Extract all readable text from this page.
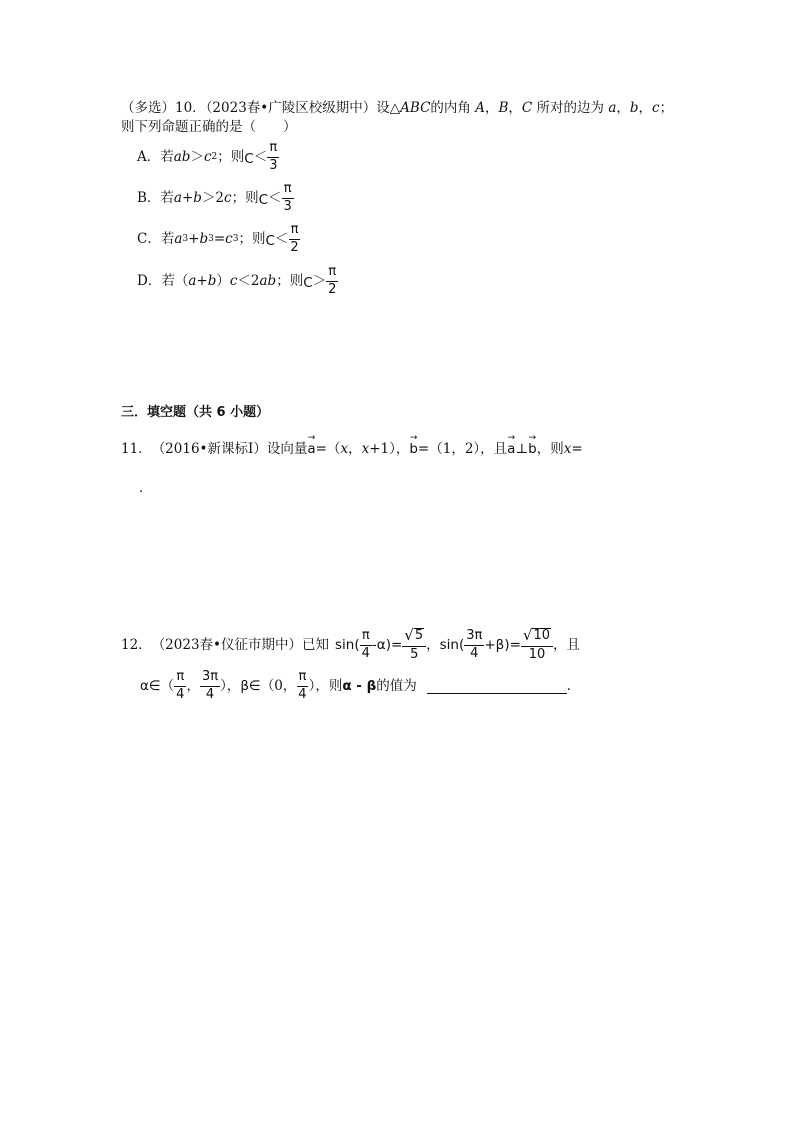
（多选）10．（2023春•广陵区校级期中）设△ABC的内角 A，B，C 所对的边为 a，b，c；
则下列命题正确的是（　　）
A．若 ab ＞ c 2 ；则 $C < \frac{\pi}{3}$
B．若 a+b ＞2 c ；则 $C < \frac{\pi}{3}$
C．若 a 3 + b 3 = c 3 ；则 $C < \frac{\pi}{2}$
D．若（ a+b ） c ＜2 ab ；则 $C > \frac{\pi}{2}$
三．填空题（共 6 小题）
11． （2016•新课标Ⅰ） 设向量
→
a =（ x ， x +1），
→
b =（1，2），且
→
a ⊥
→
b ，则 x =
．
12． （2023春•仪征市期中） 已知 sin ( $\frac{\pi}{4} -\alpha$ ) = $\frac{√ 5}{5}$ ， sin ( $\frac{3\pi}{4} +\beta$ ) = $\frac{√ 10}{10}$ ，且
α∈ （ $\frac{\pi}{4}$ ， $\frac{3\pi}{4}$ ）， β∈ （0， $\frac{\pi}{4}$ ），则 α - β 的值为	．
